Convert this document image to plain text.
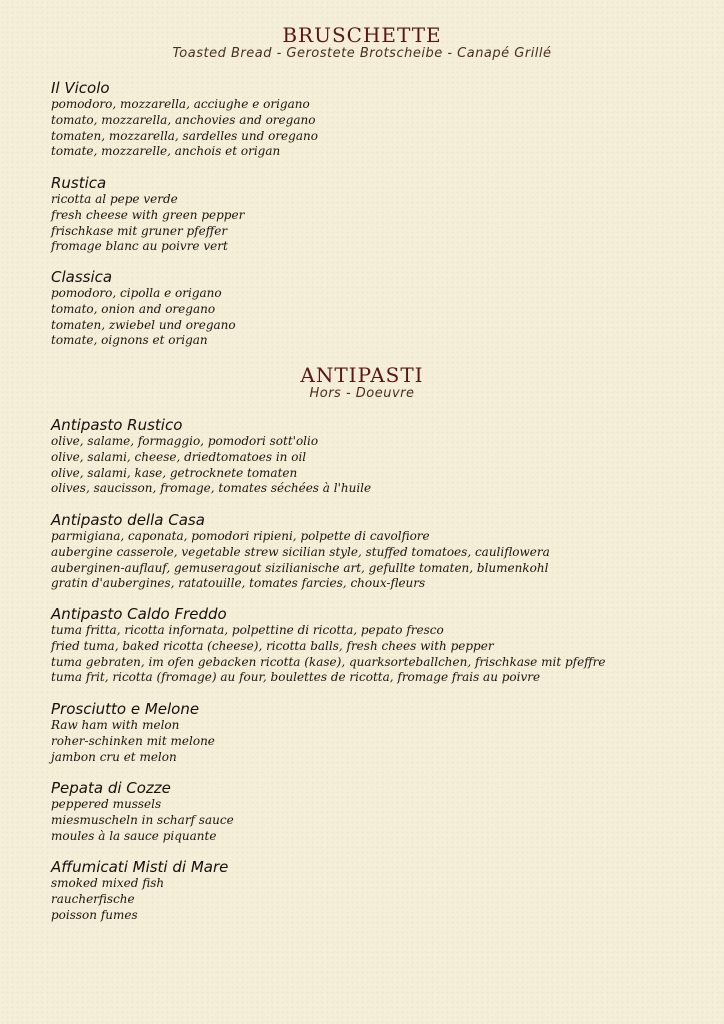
BRUSCHETTE
Toasted Bread - Gerostete Brotscheibe - Canapé Grillé
Il Vicolo
pomodoro, mozzarella, acciughe e origano
tomato, mozzarella, anchovies and oregano
tomaten, mozzarella, sardelles und oregano
tomate, mozzarelle, anchois et origan
Rustica
ricotta al pepe verde
fresh cheese with green pepper
frischkase mit gruner pfeffer
fromage blanc au poivre vert
Classica
pomodoro, cipolla e origano
tomato, onion and oregano
tomaten, zwiebel und oregano
tomate, oignons et origan
ANTIPASTI
Hors - Doeuvre
Antipasto Rustico
olive, salame, formaggio, pomodori sott'olio
olive, salami, cheese, driedtomatoes in oil
olive, salami, kase, getrocknete tomaten
olives, saucisson, fromage, tomates séchées à l'huile
Antipasto della Casa
parmigiana, caponata, pomodori ripieni, polpette di cavolfiore
aubergine casserole, vegetable strew sicilian style, stuffed tomatoes, cauliflowera
auberginen-auflauf, gemuseragout sizilianische art, gefullte tomaten, blumenkohl
gratin d'aubergines, ratatouille, tomates farcies, choux-fleurs
Antipasto Caldo Freddo
tuma fritta, ricotta infornata, polpettine di ricotta, pepato fresco
fried tuma, baked ricotta (cheese), ricotta balls, fresh chees with pepper
tuma gebraten, im ofen gebacken ricotta (kase), quarksorteballchen, frischkase mit pfeffre
tuma frit, ricotta (fromage) au four, boulettes de ricotta, fromage frais au poivre
Prosciutto e Melone
Raw ham with melon
roher-schinken mit melone
jambon cru et melon
Pepata di Cozze
peppered mussels
miesmuscheln in scharf sauce
moules à la sauce piquante
Affumicati Misti di Mare
smoked mixed fish
raucherfische
poisson fumes
